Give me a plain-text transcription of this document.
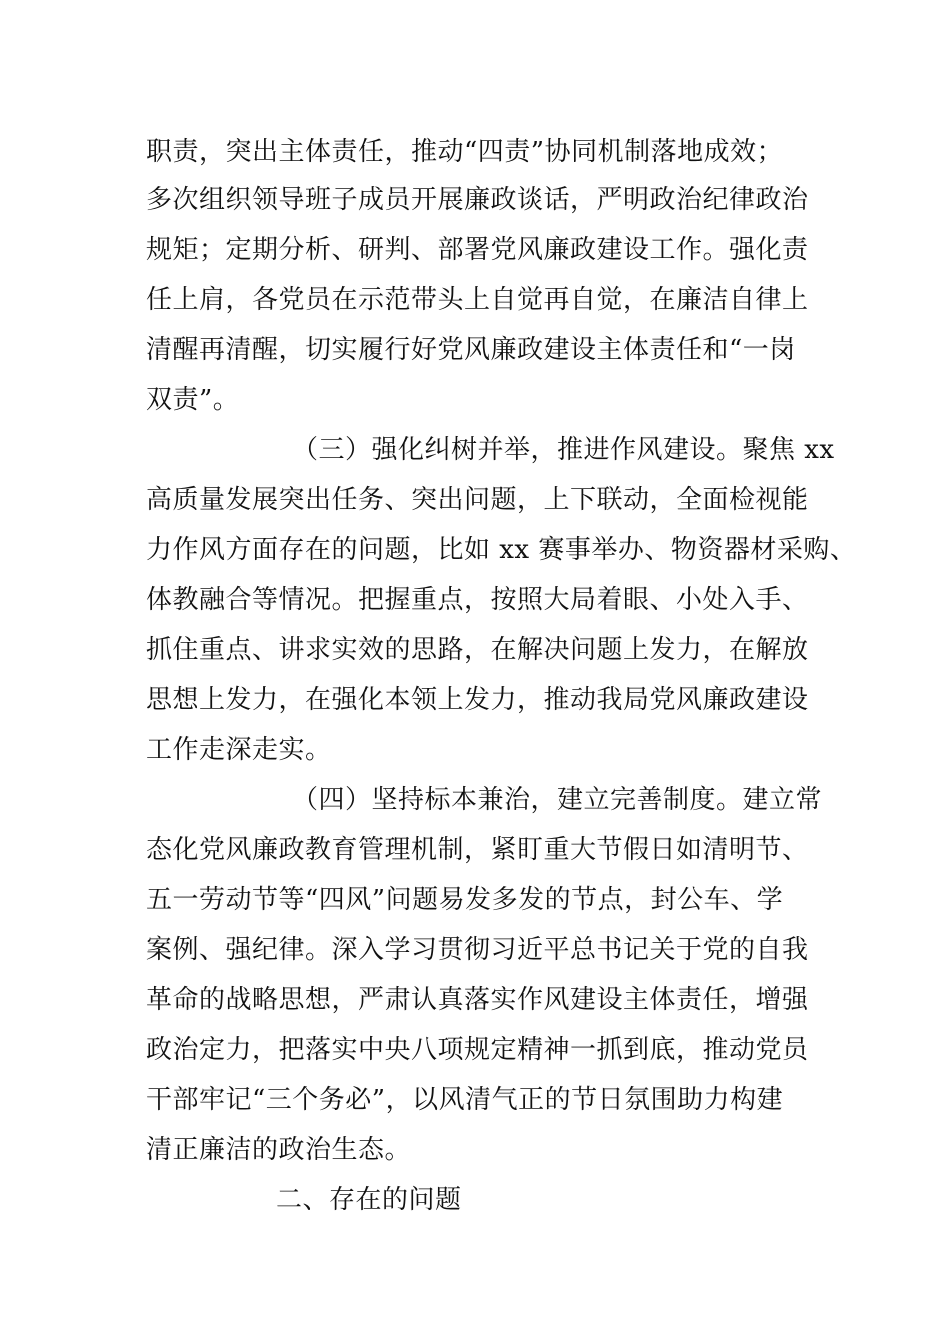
职责，突出主体责任，推动“四责”协同机制落地成效；
多次组织领导班子成员开展廉政谈话，严明政治纪律政治
规矩；定期分析、研判、部署党风廉政建设工作。强化责
任上肩，各党员在示范带头上自觉再自觉，在廉洁自律上
清醒再清醒，切实履行好党风廉政建设主体责任和“一岗
双责”。
（三）强化纠树并举，推进作风建设。聚焦 xx
高质量发展突出任务、突出问题，上下联动，全面检视能
力作风方面存在的问题，比如 xx 赛事举办、物资器材采购、
体教融合等情况。把握重点，按照大局着眼、小处入手、
抓住重点、讲求实效的思路，在解决问题上发力，在解放
思想上发力，在强化本领上发力，推动我局党风廉政建设
工作走深走实。
（四）坚持标本兼治，建立完善制度。建立常
态化党风廉政教育管理机制，紧盯重大节假日如清明节、
五一劳动节等“四风”问题易发多发的节点，封公车、学
案例、强纪律。深入学习贯彻习近平总书记关于党的自我
革命的战略思想，严肃认真落实作风建设主体责任，增强
政治定力，把落实中央八项规定精神一抓到底，推动党员
干部牢记“三个务必”，以风清气正的节日氛围助力构建
清正廉洁的政治生态。
二、存在的问题
